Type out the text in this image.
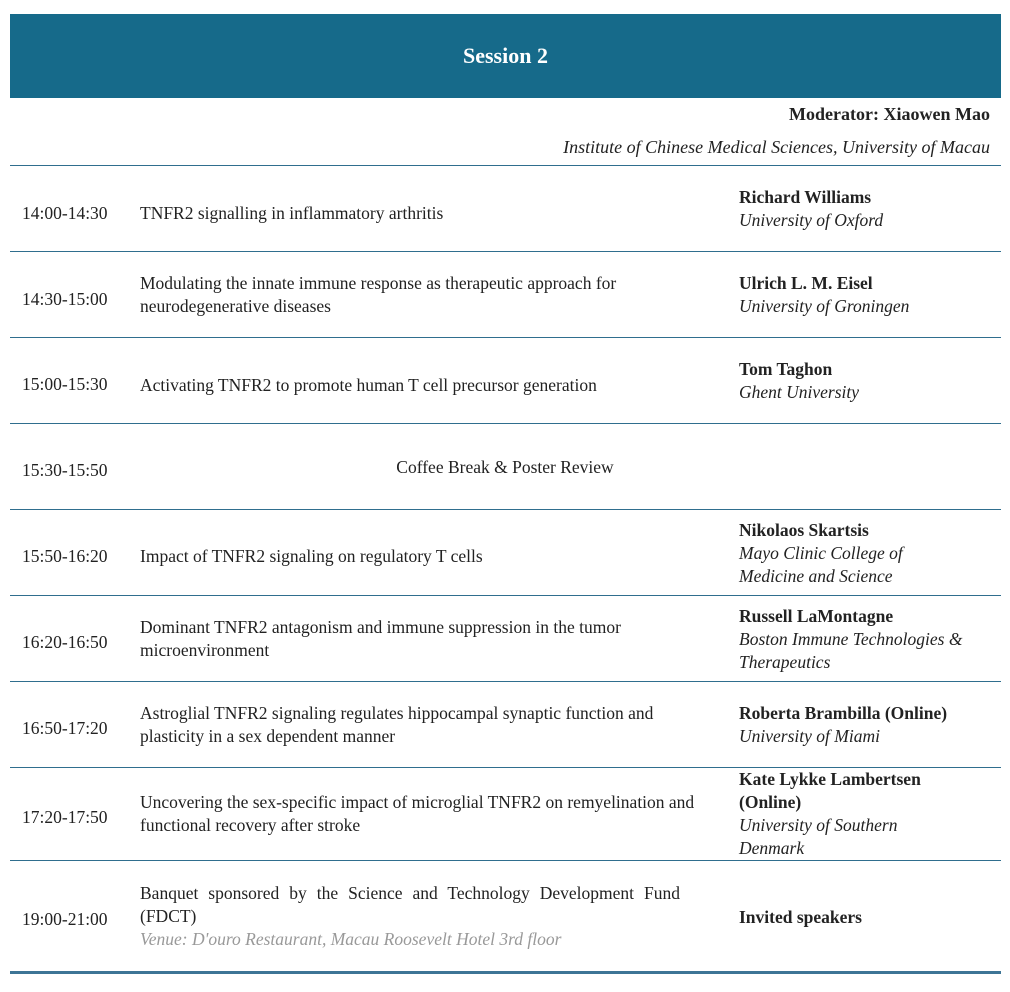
Session 2
Moderator: Xiaowen Mao
Institute of Chinese Medical Sciences, University of Macau
14:00-14:30 TNFR2 signalling in inflammatory arthritis
Richard Williams
University of Oxford
14:30-15:00
Modulating the innate immune response as therapeutic approach for neurodegenerative diseases
Ulrich L. M. Eisel
University of Groningen
15:00-15:30 Activating TNFR2 to promote human T cell precursor generation
Tom Taghon
Ghent University
15:30-15:50	Coffee Break & Poster Review
15:50-16:20 Impact of TNFR2 signaling on regulatory T cells
Nikolaos Skartsis
Mayo Clinic College of Medicine and Science
16:20-16:50
Dominant TNFR2 antagonism and immune suppression in the tumor microenvironment
Russell LaMontagne
Boston Immune Technologies & Therapeutics
16:50-17:20
Astroglial TNFR2 signaling regulates hippocampal synaptic function and plasticity in a sex dependent manner
Roberta Brambilla (Online)
University of Miami
17:20-17:50
Uncovering the sex-specific impact of microglial TNFR2 on remyelination and functional recovery after stroke
Kate Lykke Lambertsen (Online)
University of Southern Denmark
19:00-21:00
Banquet sponsored by the Science and Technology Development Fund (FDCT)
Venue: D'ouro Restaurant, Macau Roosevelt Hotel 3rd floor
Invited speakers
